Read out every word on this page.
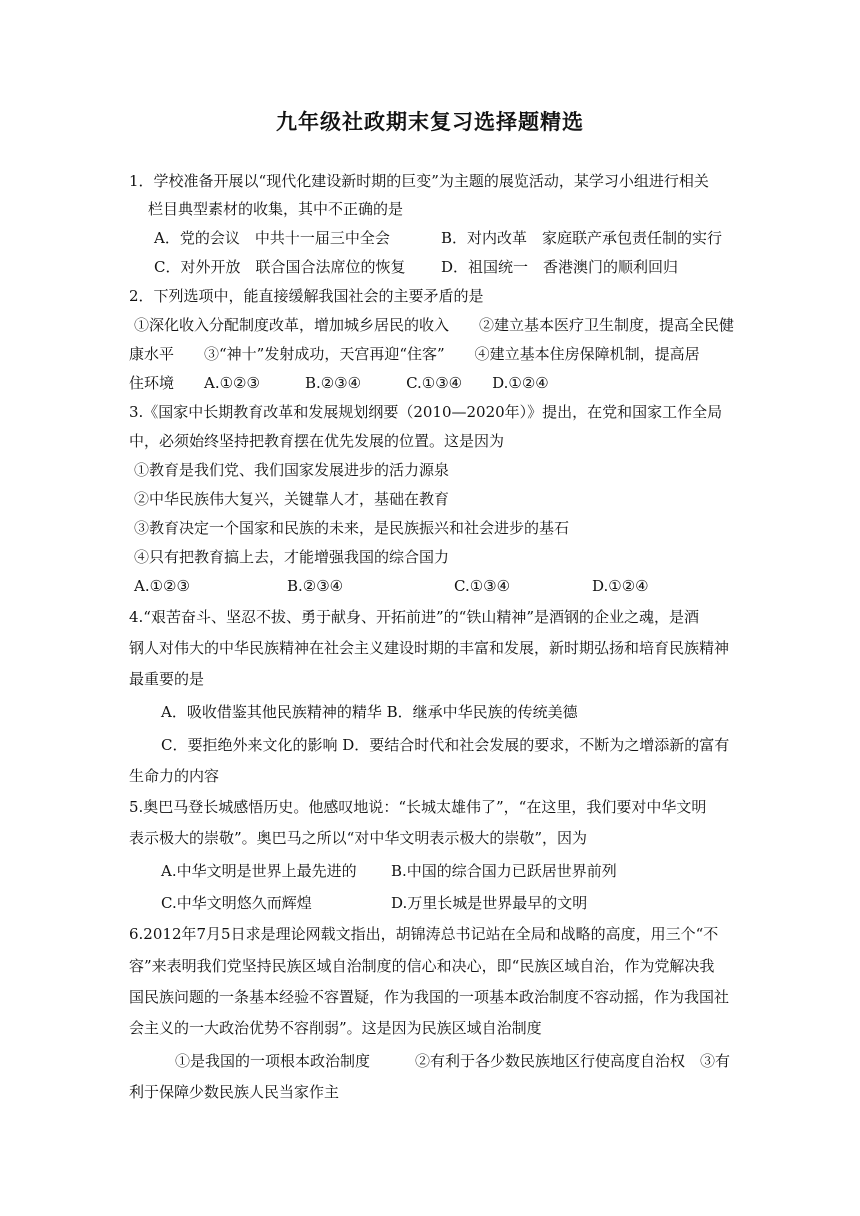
九年级社政期末复习选择题精选
1．学校准备开展以“现代化建设新时期的巨变”为主题的展览活动，某学习小组进行相关
栏目典型素材的收集，其中不正确的是
A．党的会议　中共十一届三中全会	B．对内改革　家庭联产承包责任制的实行
C．对外开放　联合国合法席位的恢复 D．祖国统一　香港澳门的顺利回归
2．下列选项中，能直接缓解我国社会的主要矛盾的是
①深化收入分配制度改革，增加城乡居民的收入　　②建立基本医疗卫生制度，提高全民健
康水平　　③“神十”发射成功，天宫再迎“住客”　　④建立基本住房保障机制，提高居
住环境　　A.①②③　　　B.②③④　　　C.①③④　　D.①②④
3.《国家中长期教育改革和发展规划纲要（2010—2020年）》提出，在党和国家工作全局
中，必须始终坚持把教育摆在优先发展的位置。这是因为
①教育是我们党、我们国家发展进步的活力源泉
②中华民族伟大复兴，关键靠人才，基础在教育
③教育决定一个国家和民族的未来，是民族振兴和社会进步的基石
④只有把教育搞上去，才能增强我国的综合国力
A.①②③	B.②③④	C.①③④	D.①②④
4.“艰苦奋斗、坚忍不拔、勇于献身、开拓前进”的“铁山精神”是酒钢的企业之魂，是酒
钢人对伟大的中华民族精神在社会主义建设时期的丰富和发展，新时期弘扬和培育民族精神
最重要的是
A．吸收借鉴其他民族精神的精华 B．继承中华民族的传统美德
C．要拒绝外来文化的影响 D．要结合时代和社会发展的要求，不断为之增添新的富有
生命力的内容
5.奥巴马登长城感悟历史。他感叹地说：“长城太雄伟了”，“在这里，我们要对中华文明
表示极大的崇敬”。奥巴马之所以“对中华文明表示极大的崇敬”，因为
A.中华文明是世界上最先进的 B.中国的综合国力已跃居世界前列
C.中华文明悠久而辉煌	D.万里长城是世界最早的文明
6.2012年7月5日求是理论网载文指出，胡锦涛总书记站在全局和战略的高度，用三个“不
容”来表明我们党坚持民族区域自治制度的信心和决心，即“民族区域自治，作为党解决我
国民族问题的一条基本经验不容置疑，作为我国的一项基本政治制度不容动摇，作为我国社
会主义的一大政治优势不容削弱”。这是因为民族区域自治制度
①是我国的一项根本政治制度　　　②有利于各少数民族地区行使高度自治权　③有
利于保障少数民族人民当家作主
